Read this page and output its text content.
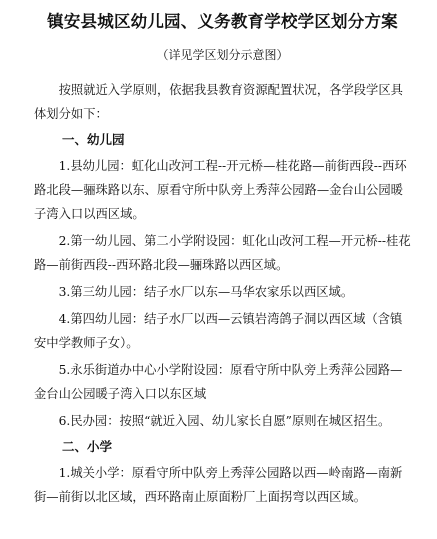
镇安县城区幼儿园、义务教育学校学区划分方案
（详见学区划分示意图）

按照就近入学原则，依据我县教育资源配置状况，各学段学区具体划分如下：

一、幼儿园

1.县幼儿园：虹化山改河工程--开元桥—桂花路—前街西段--西环路北段—骊珠路以东、原看守所中队旁上秀萍公园路—金台山公园暖子湾入口以西区域。

2.第一幼儿园、第二小学附设园：虹化山改河工程—开元桥--桂花路—前街西段--西环路北段—骊珠路以西区域。

3.第三幼儿园：结子水厂以东—马华农家乐以西区域。

4.第四幼儿园：结子水厂以西—云镇岩湾鸽子洞以西区域（含镇安中学教师子女）。

5.永乐街道办中心小学附设园：原看守所中队旁上秀萍公园路—金台山公园暖子湾入口以东区域

6.民办园：按照“就近入园、幼儿家长自愿”原则在城区招生。

二、小学

1.城关小学：原看守所中队旁上秀萍公园路以西—岭南路—南新街—前街以北区域，西环路南止原面粉厂上面拐弯以西区域。
